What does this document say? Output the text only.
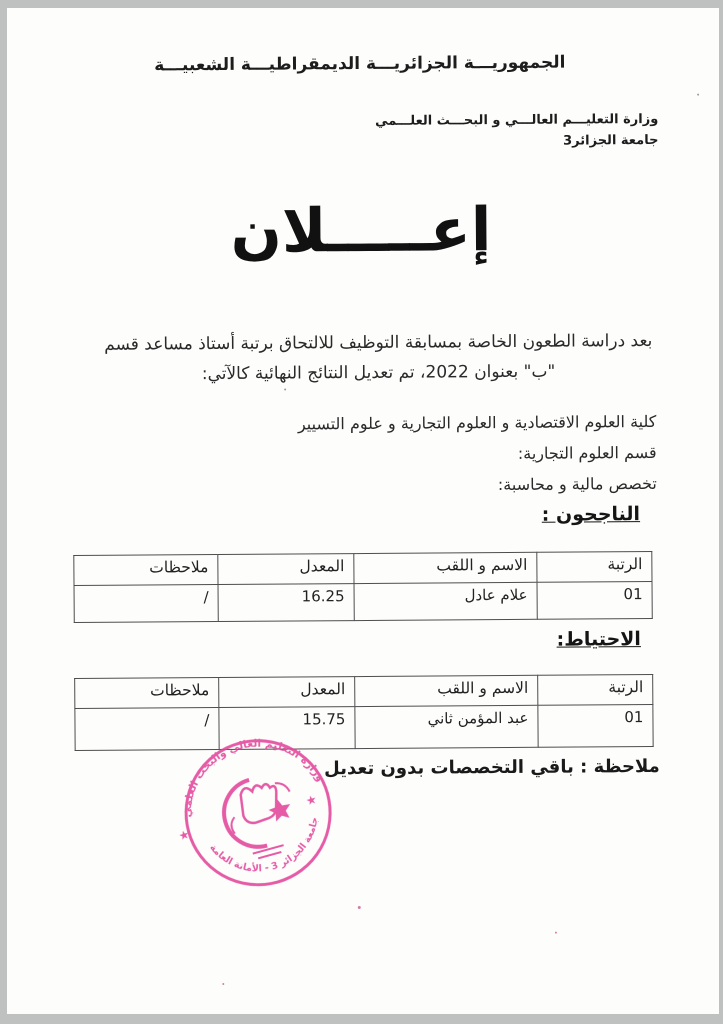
الجمهوريـــة الجزائريـــة الديمقراطيـــة الشعبيـــة
وزارة التعليـــم العالـــي و البحـــث العلـــمي
جامعة الجزائر3
إعـــــلان
بعد دراسة الطعون الخاصة بمسابقة التوظيف للالتحاق برتبة أستاذ مساعد قسم "ب" بعنوان 2022، تم تعديل النتائج النهائية كالآتي:
كلية العلوم الاقتصادية و العلوم التجارية و علوم التسيير
قسم العلوم التجارية:
تخصص مالية و محاسبة:
الناجحون :
الرتبة	الاسم و اللقب	المعدل	ملاحظات
01	علام عادل	16.25	/
الاحتياط:
الرتبة	الاسم و اللقب	المعدل	ملاحظات
01	عبد المؤمن ثاني	15.75	/
ملاحظة : باقي التخصصات بدون تعديل
وزارة التعليم العالي والبحث العلمي
جامعة الجزائر 3 - الأمانة العامة
★
★
